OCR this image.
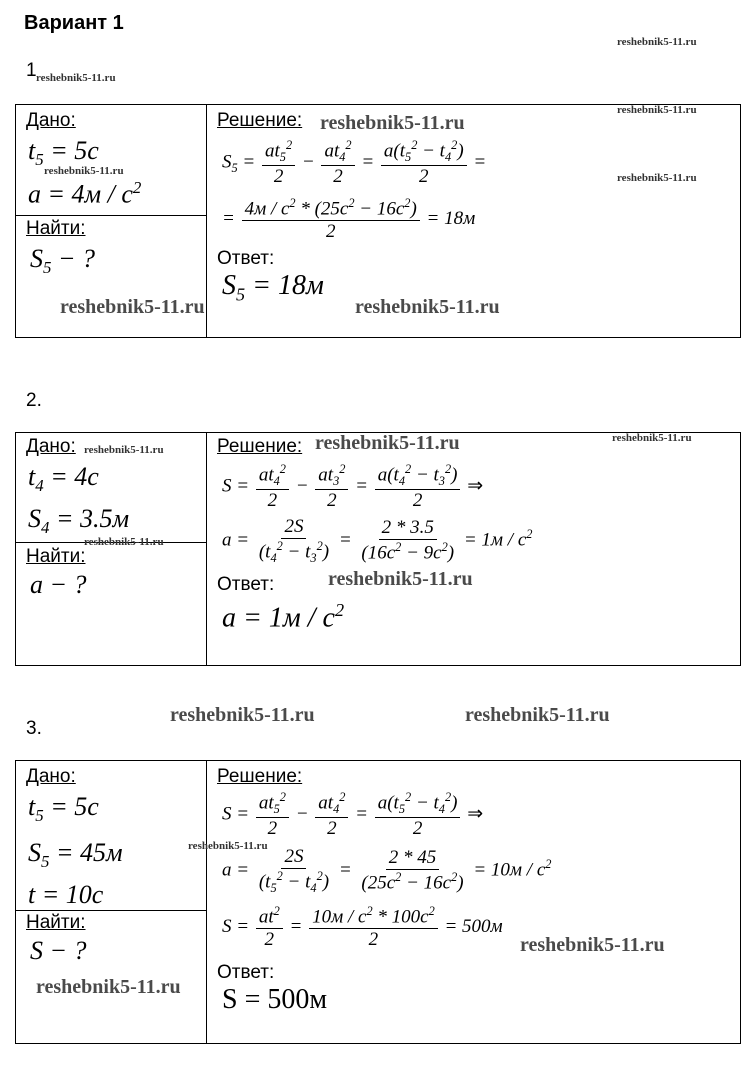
Вариант 1
reshebnik5-11.ru
1 reshebnik5-11.ru
Дано:
$t_5 = 5с$
reshebnik5-11.ru
$a = 4м / с^2$
Найти:
$S_5$ − ?
Решение: reshebnik5-11.ru
reshebnik5-11.ru
reshebnik5-11.ru
$S_5 = \frac{at_5^2}{2} - \frac{at_4^2}{2} = \frac{a(t_5^2 - t_4^2)}{2}$ =
= $\frac{4м / с^2 * (25с^2 - 16с^2)}{2} = 18м$
Ответ:
$S_5 = 18м$
reshebnik5-11.ru	reshebnik5-11.ru
2.
Дано: reshebnik5-11.ru
$t_4 = 4с$
$S_4 = 3.5м$
reshebnik5-11.ru
Найти:
a − ?
Решение: reshebnik5-11.ru	reshebnik5-11.ru
$S = \frac{at_4^2}{2} - \frac{at_3^2}{2} = \frac{a(t_4^2 - t_3^2)}{2}$ ⇒
$a = \frac{2S}{(t_4^2 - t_3^2)} = \frac{2 * 3.5}{(16с^2 - 9с^2)} = 1м / с^2$
Ответ:	reshebnik5-11.ru
$a = 1м / с^2$
reshebnik5-11.ru	reshebnik5-11.ru
3.
Дано:
$t_5 = 5с$
$S_5 = 45м$
t = 10с
Найти:
S − ?
reshebnik5-11.ru
Решение:
$S = \frac{at_5^2}{2} - \frac{at_4^2}{2} = \frac{a(t_5^2 - t_4^2)}{2}$ ⇒
reshebnik5-11.ru
$a = \frac{2S}{(t_5^2 - t_4^2)} = \frac{2 * 45}{(25с^2 - 16с^2)} = 10м / с^2$
$S = \frac{at^2}{2} = \frac{10м / с^2 * 100с^2}{2} = 500м$
reshebnik5-11.ru
Ответ:
S = 500м
